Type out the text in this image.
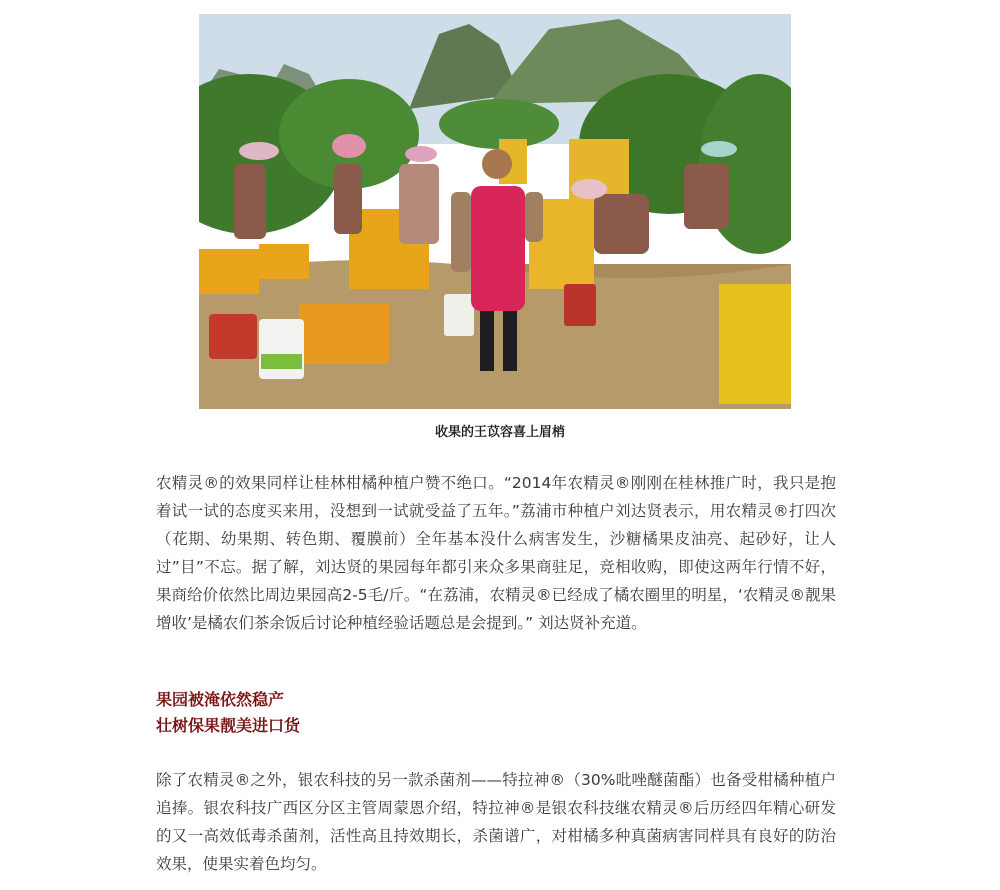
收果的王苡容喜上眉梢

农精灵®的效果同样让桂林柑橘种植户赞不绝口。“2014年农精灵®刚刚在桂林推广时，我只是抱着试一试的态度买来用，没想到一试就受益了五年。”荔浦市种植户刘达贤表示，用农精灵®打四次（花期、幼果期、转色期、覆膜前）全年基本没什么病害发生，沙糖橘果皮油亮、起砂好，让人过”目”不忘。据了解，刘达贤的果园每年都引来众多果商驻足，竞相收购，即使这两年行情不好，果商给价依然比周边果园高2-5毛/斤。“在荔浦，农精灵®已经成了橘农圈里的明星，‘农精灵®靓果增收’是橘农们茶余饭后讨论种植经验话题总是会提到。” 刘达贤补充道。

果园被淹依然稳产
壮树保果靓美进口货

除了农精灵®之外，银农科技的另一款杀菌剂——特拉神®（30%吡唑醚菌酯）也备受柑橘种植户追捧。银农科技广西区分区主管周蒙恩介绍，特拉神®是银农科技继农精灵®后历经四年精心研发的又一高效低毒杀菌剂，活性高且持效期长，杀菌谱广，对柑橘多种真菌病害同样具有良好的防治效果，使果实着色均匀。
